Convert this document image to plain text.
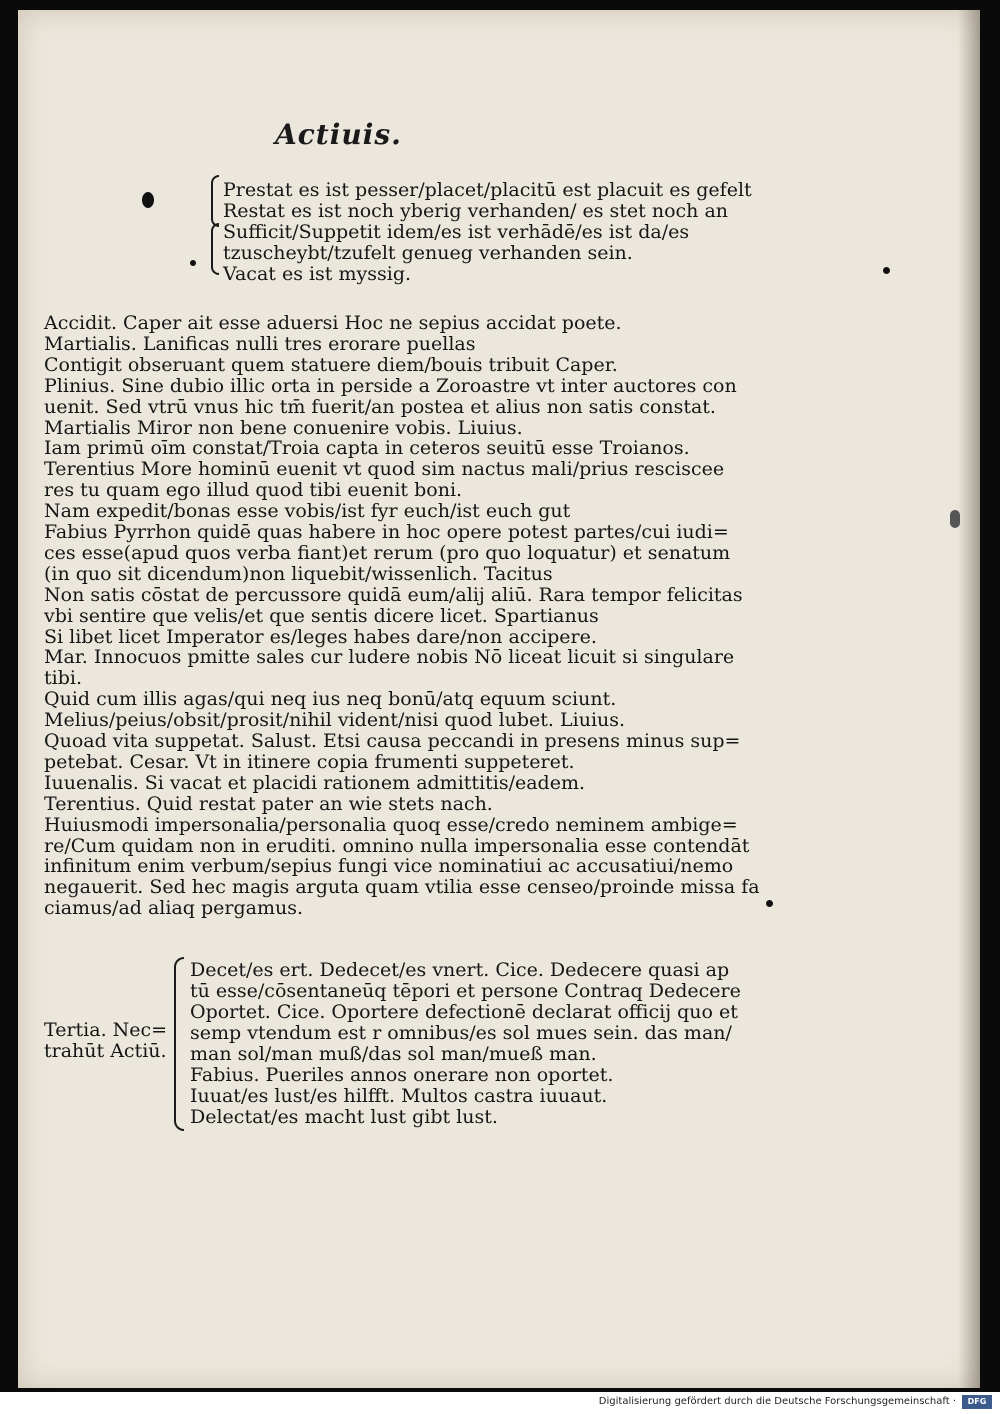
Actiuis.
Prestat es ist pesser/placet/placitū est placuit es gefelt
Restat es ist noch yberig verhanden/ es stet noch an
Sufficit/Suppetit idem/es ist verhādē/es ist da/es
tzuscheybt/tzufelt genueg verhanden sein.
Vacat es ist myssig.
Accidit. Caper ait esse aduersi Hoc ne sepius accidat poete.
Martialis. Lanificas nulli tres erorare puellas
Contigit obseruant quem statuere diem/bouis tribuit Caper.
Plinius. Sine dubio illic orta in perside a Zoroastre vt inter auctores con
uenit. Sed vtrū vnus hic tm̄ fuerit/an postea et alius non satis constat.
Martialis Miror non bene conuenire vobis. Liuius.
Iam primū oīm constat/Troia capta in ceteros seuitū esse Troianos.
Terentius More hominū euenit vt quod sim nactus mali/prius resciscee
res tu quam ego illud quod tibi euenit boni.
Nam expedit/bonas esse vobis/ist fyr euch/ist euch gut
Fabius Pyrrhon quidē quas habere in hoc opere potest partes/cui iudi=
ces esse(apud quos verba fiant)et rerum (pro quo loquatur) et senatum
(in quo sit dicendum)non liquebit/wissenlich. Tacitus
Non satis cōstat de percussore quidā eum/alij aliū. Rara tempor felicitas
vbi sentire que velis/et que sentis dicere licet. Spartianus
Si libet licet Imperator es/leges habes dare/non accipere.
Mar. Innocuos pmitte sales cur ludere nobis Nō liceat licuit si singulare
tibi.
Quid cum illis agas/qui neq ius neq bonū/atq equum sciunt.
Melius/peius/obsit/prosit/nihil vident/nisi quod lubet. Liuius.
Quoad vita suppetat. Salust. Etsi causa peccandi in presens minus sup=
petebat. Cesar. Vt in itinere copia frumenti suppeteret.
Iuuenalis. Si vacat et placidi rationem admittitis/eadem.
Terentius. Quid restat pater an wie stets nach.
Huiusmodi impersonalia/personalia quoq esse/credo neminem ambige=
re/Cum quidam non in eruditi. omnino nulla impersonalia esse contendāt
infinitum enim verbum/sepius fungi vice nominatiui ac accusatiui/nemo
negauerit. Sed hec magis arguta quam vtilia esse censeo/proinde missa fa
ciamus/ad aliaq pergamus.
Tertia. Nec=
trahūt Actiū.
Decet/es ert. Dedecet/es vnert. Cice. Dedecere quasi ap
tū esse/cōsentaneūq tēpori et persone Contraq Dedecere
Oportet. Cice. Oportere defectionē declarat officij quo et
semp vtendum est r omnibus/es sol mues sein. das man/
man sol/man muß/das sol man/mueß man.
Fabius. Pueriles annos onerare non oportet.
Iuuat/es lust/es hilfft. Multos castra iuuaut.
Delectat/es macht lust gibt lust.
Digitalisierung gefördert durch die Deutsche Forschungsgemeinschaft ·	DFG
